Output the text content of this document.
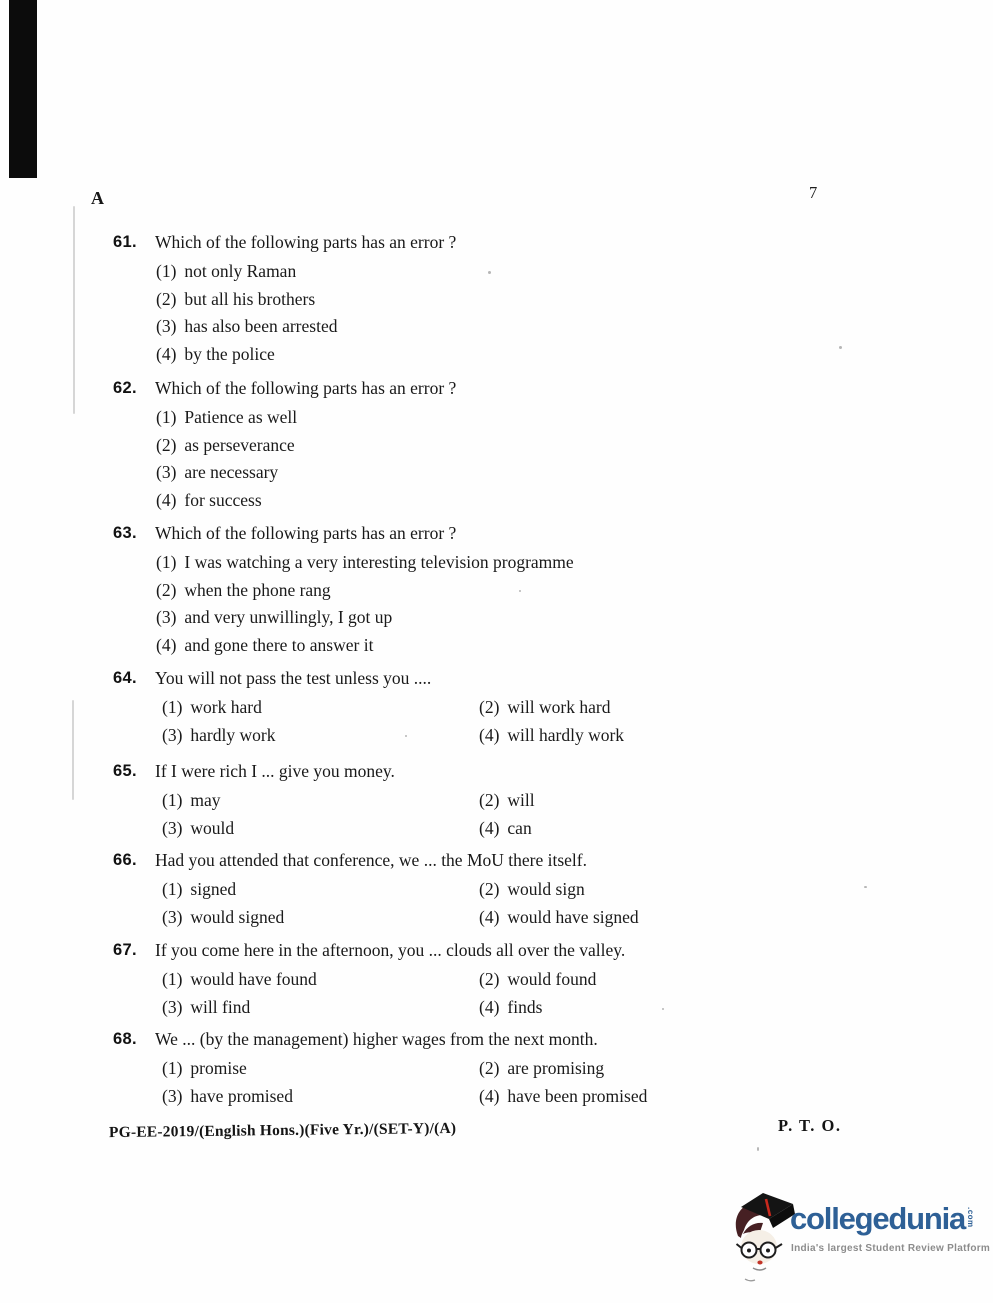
A	7
61. Which of the following parts has an error ?
(1) not only Raman
(2) but all his brothers
(3) has also been arrested
(4) by the police
62. Which of the following parts has an error ?
(1) Patience as well
(2) as perseverance
(3) are necessary
(4) for success
63. Which of the following parts has an error ?
(1) I was watching a very interesting television programme
(2) when the phone rang
(3) and very unwillingly, I got up
(4) and gone there to answer it
64. You will not pass the test unless you ....
(1) work hard	(2) will work hard
(3) hardly work	(4) will hardly work
65. If I were rich I ... give you money.
(1) may	(2) will
(3) would	(4) can
66. Had you attended that conference, we ... the MoU there itself.
(1) signed	(2) would sign
(3) would signed	(4) would have signed
67. If you come here in the afternoon, you ... clouds all over the valley.
(1) would have found	(2) would found
(3) will find	(4) finds
68. We ... (by the management) higher wages from the next month.
(1) promise	(2) are promising
(3) have promised	(4) have been promised
PG-EE-2019/(English Hons.)(Five Yr.)/(SET-Y)/(A)	P. T. O.
collegedunia .com
India's largest Student Review Platform
